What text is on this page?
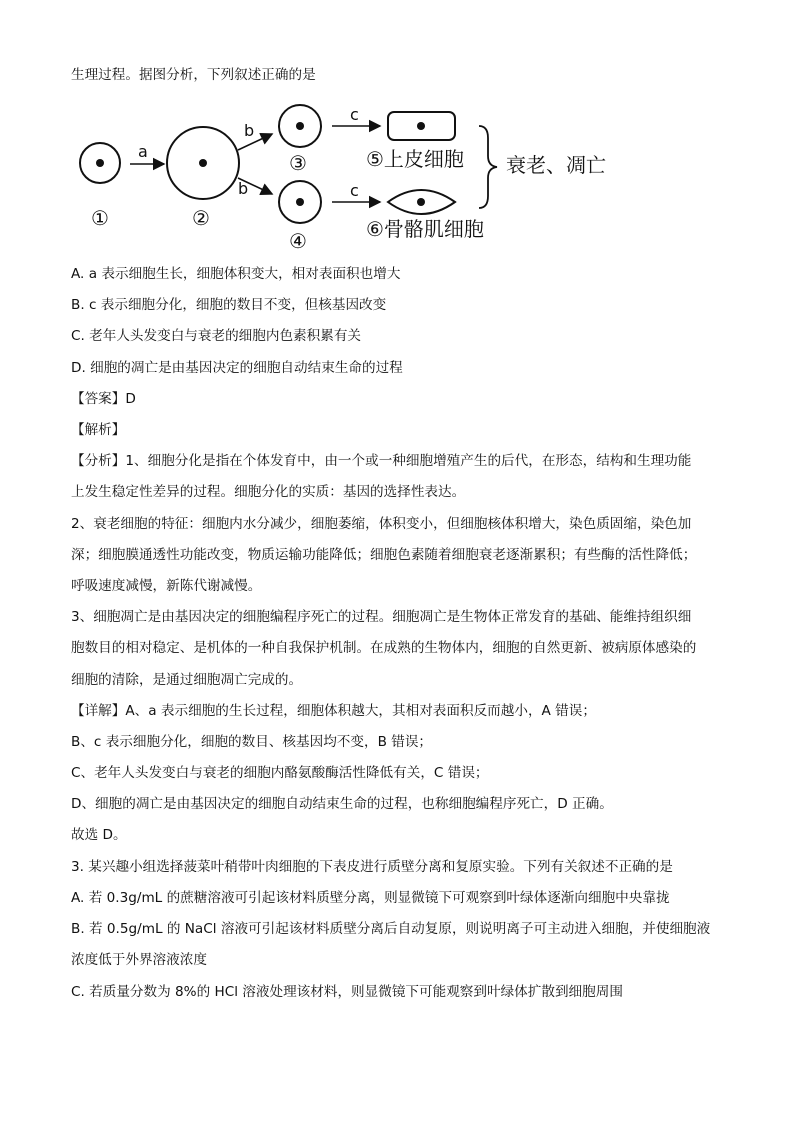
生理过程。据图分析，下列叙述正确的是
①
a
②
b
b
③
④
c
c
⑤上皮细胞
⑥骨骼肌细胞
衰老、凋亡
A. a 表示细胞生长，细胞体积变大，相对表面积也增大
B. c 表示细胞分化，细胞的数目不变，但核基因改变
C. 老年人头发变白与衰老的细胞内色素积累有关
D. 细胞的凋亡是由基因决定的细胞自动结束生命的过程
【答案】D
【解析】
【分析】1、细胞分化是指在个体发育中，由一个或一种细胞增殖产生的后代，在形态，结构和生理功能
上发生稳定性差异的过程。细胞分化的实质：基因的选择性表达。
2、衰老细胞的特征：细胞内水分减少，细胞萎缩，体积变小，但细胞核体积增大，染色质固缩，染色加
深；细胞膜通透性功能改变，物质运输功能降低；细胞色素随着细胞衰老逐渐累积；有些酶的活性降低；
呼吸速度减慢，新陈代谢减慢。
3、细胞凋亡是由基因决定的细胞编程序死亡的过程。细胞凋亡是生物体正常发育的基础、能维持组织细
胞数目的相对稳定、是机体的一种自我保护机制。在成熟的生物体内，细胞的自然更新、被病原体感染的
细胞的清除，是通过细胞凋亡完成的。
【详解】A、a 表示细胞的生长过程，细胞体积越大，其相对表面积反而越小，A 错误；
B、c 表示细胞分化，细胞的数目、核基因均不变，B 错误；
C、老年人头发变白与衰老的细胞内酪氨酸酶活性降低有关，C 错误；
D、细胞的凋亡是由基因决定的细胞自动结束生命的过程，也称细胞编程序死亡，D 正确。
故选 D。
3. 某兴趣小组选择菠菜叶稍带叶肉细胞的下表皮进行质壁分离和复原实验。下列有关叙述不正确的是
A. 若 0.3g/mL 的蔗糖溶液可引起该材料质壁分离，则显微镜下可观察到叶绿体逐渐向细胞中央靠拢
B. 若 0.5g/mL 的 NaCl 溶液可引起该材料质壁分离后自动复原，则说明离子可主动进入细胞，并使细胞液
浓度低于外界溶液浓度
C. 若质量分数为 8%的 HCl 溶液处理该材料，则显微镜下可能观察到叶绿体扩散到细胞周围
